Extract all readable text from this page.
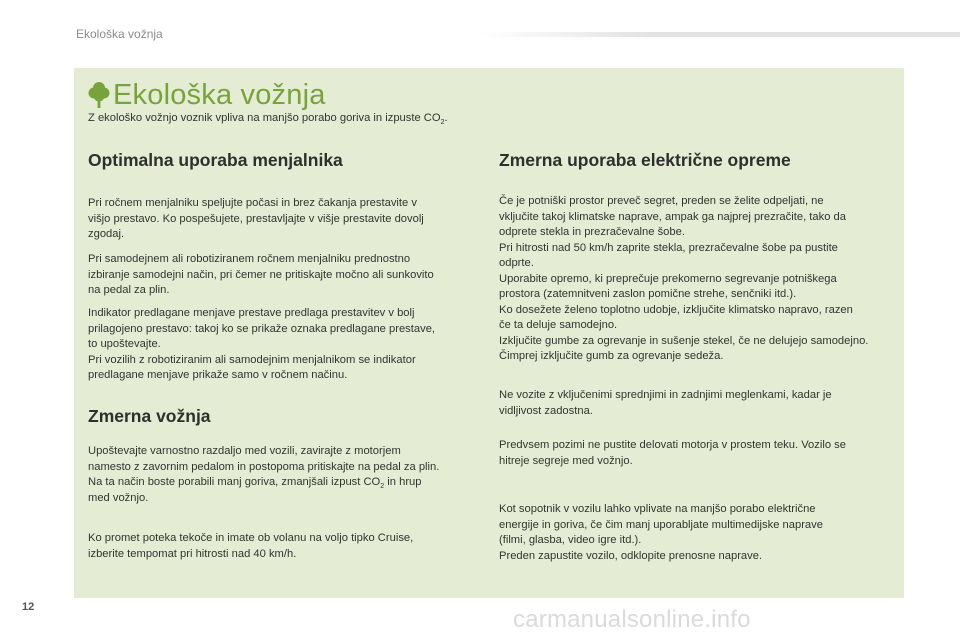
Ekološka vožnja
Ekološka vožnja
Z ekološko vožnjo voznik vpliva na manjšo porabo goriva in izpuste $CO_2$.
Optimalna uporaba menjalnika
Pri ročnem menjalniku speljujte počasi in brez čakanja prestavite v
višjo prestavo. Ko pospešujete, prestavljajte v višje prestavite dovolj
zgodaj.
Pri samodejnem ali robotiziranem ročnem menjalniku prednostno
izbiranje samodejni način, pri čemer ne pritiskajte močno ali sunkovito
na pedal za plin.
Indikator predlagane menjave prestave predlaga prestavitev v bolj
prilagojeno prestavo: takoj ko se prikaže oznaka predlagane prestave,
to upoštevajte.
Pri vozilih z robotiziranim ali samodejnim menjalnikom se indikator
predlagane menjave prikaže samo v ročnem načinu.
Zmerna vožnja
Upoštevajte varnostno razdaljo med vozili, zavirajte z motorjem
namesto z zavornim pedalom in postopoma pritiskajte na pedal za plin.
Na ta način boste porabili manj goriva, zmanjšali izpust $CO_2$ in hrup
med vožnjo.
Ko promet poteka tekoče in imate ob volanu na voljo tipko Cruise,
izberite tempomat pri hitrosti nad 40 km/h.
Zmerna uporaba električne opreme
Če je potniški prostor preveč segret, preden se želite odpeljati, ne
vključite takoj klimatske naprave, ampak ga najprej prezračite, tako da
odprete stekla in prezračevalne šobe.
Pri hitrosti nad 50 km/h zaprite stekla, prezračevalne šobe pa pustite
odprte.
Uporabite opremo, ki preprečuje prekomerno segrevanje potniškega
prostora (zatemnitveni zaslon pomične strehe, senčniki itd.).
Ko dosežete želeno toplotno udobje, izključite klimatsko napravo, razen
če ta deluje samodejno.
Izključite gumbe za ogrevanje in sušenje stekel, če ne delujejo samodejno.
Čimprej izključite gumb za ogrevanje sedeža.
Ne vozite z vključenimi sprednjimi in zadnjimi meglenkami, kadar je
vidljivost zadostna.
Predvsem pozimi ne pustite delovati motorja v prostem teku. Vozilo se
hitreje segreje med vožnjo.
Kot sopotnik v vozilu lahko vplivate na manjšo porabo električne
energije in goriva, če čim manj uporabljate multimedijske naprave
(filmi, glasba, video igre itd.).
Preden zapustite vozilo, odklopite prenosne naprave.
12	carmanualsonline.info
